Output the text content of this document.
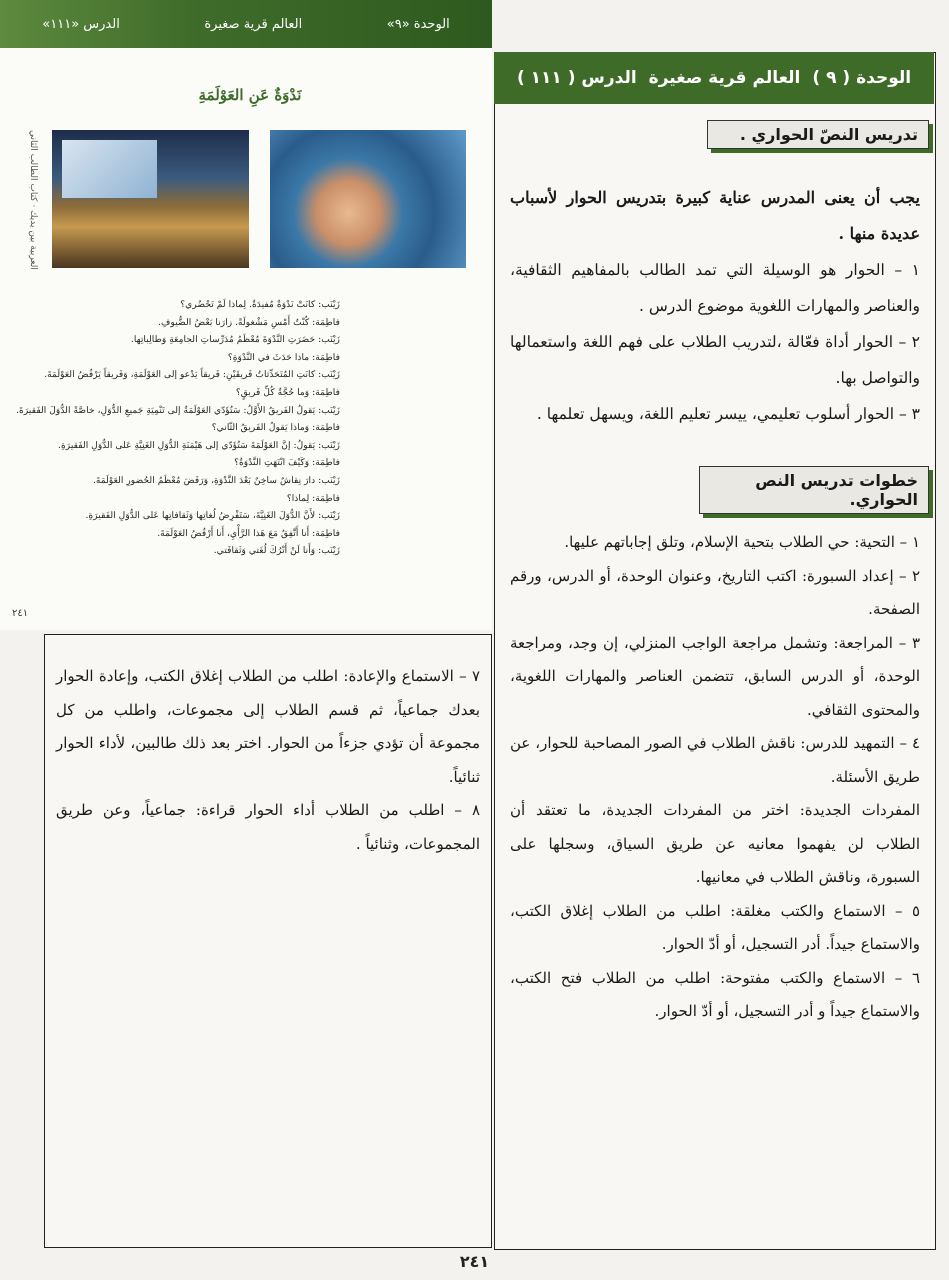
الوحدة «٩»
العالم قرية صغيرة
الدرس «١١١»
العربية بين يديك · كتاب الطالب الثاني
٢٤١
نَدْوَةٌ عَنِ العَوْلَمَةِ
زَيْنَب: كانَتْ نَدْوَةٌ مُفيدَةٌ. لِماذا لَمْ تَحْضُري؟
فاطِمَة: كُنْتُ أَمْسِ مَشْغولَةً. زارَنا بَعْضُ الضُّيوفِ.
زَيْنَب: حَضَرَتِ النَّدْوَةَ مُعْظَمُ مُدَرِّساتِ الجامِعَةِ وَطالِباتِها.
فاطِمَة: ماذا حَدَثَ في النَّدْوَةِ؟
زَيْنَب: كانَتِ المُتَحَدِّثاتُ فَريقَيْنِ: فَريقاً يَدْعو إلى العَوْلَمَةِ، وَفَريقاً يَرْفُضُ العَوْلَمَةَ.
فاطِمَة: وَما حُجَّةُ كُلِّ فَريقٍ؟
زَيْنَب: يَقولُ الفَريقُ الأَوَّلُ: سَتُؤَدّي العَوْلَمَةُ إلى تَنْمِيَةِ جَميعِ الدُّوَلِ، خاصَّةً الدُّوَلَ الفَقيرَةَ.
فاطِمَة: وَماذا يَقولُ الفَريقُ الثّاني؟
زَيْنَب: يَقولُ: إنَّ العَوْلَمَةَ سَتُؤَدّي إلى هَيْمَنَةِ الدُّوَلِ الغَنِيَّةِ عَلى الدُّوَلِ الفَقيرَةِ.
فاطِمَة: وَكَيْفَ انْتَهَتِ النَّدْوَةُ؟
زَيْنَب: دارَ نِقاشٌ ساخِنٌ بَعْدَ النَّدْوَةِ، وَرَفَضَ مُعْظَمُ الحُضورِ العَوْلَمَةَ.
فاطِمَة: لِماذا؟
زَيْنَب: لأَنَّ الدُّوَلَ الغَنِيَّةَ، سَتَفْرِضُ لُغاتِها وَثَقافاتِها عَلى الدُّوَلِ الفَقيرَةِ.
فاطِمَة: أَنا أَتَّفِقُ مَعَ هَذا الرَّأْيِ، أَنا أَرْفُضُ العَوْلَمَةَ.
زَيْنَب: وَأَنا لَنْ أَتْرُكَ لُغَتي وَثَقافَتي.

٧ – الاستماع والإعادة: اطلب من الطلاب إغلاق الكتب، وإعادة الحوار بعدك جماعياً، ثم قسم الطلاب إلى مجموعات، واطلب من كل مجموعة أن تؤدي جزءاً من الحوار. اختر بعد ذلك طالبين، لأداء الحوار ثنائياً.

٨ – اطلب من الطلاب أداء الحوار قراءة: جماعياً، وعن طريق المجموعات، وثنائياً .

الوحدة ( ٩ )
العالم قرية صغيرة
الدرس ( ١١١ )
تدريس النصّ الحواري .
يجب أن يعنى المدرس عناية كبيرة بتدريس الحوار لأسباب عديدة منها .

١ – الحوار هو الوسيلة التي تمد الطالب بالمفاهيم الثقافية، والعناصر والمهارات اللغوية موضوع الدرس .

٢ – الحوار أداة فعّالة ،لتدريب الطلاب على فهم اللغة واستعمالها والتواصل بها.

٣ – الحوار أسلوب تعليمي، ييسر تعليم اللغة، ويسهل تعلمها .

خطوات تدريس النص الحواري.

١ – التحية: حي الطلاب بتحية الإسلام، وتلق إجاباتهم عليها.

٢ – إعداد السبورة: اكتب التاريخ، وعنوان الوحدة، أو الدرس، ورقم الصفحة.

٣ – المراجعة: وتشمل مراجعة الواجب المنزلي، إن وجد، ومراجعة الوحدة، أو الدرس السابق، تتضمن العناصر والمهارات اللغوية، والمحتوى الثقافي.

٤ – التمهيد للدرس: ناقش الطلاب في الصور المصاحبة للحوار، عن طريق الأسئلة.

المفردات الجديدة: اختر من المفردات الجديدة، ما تعتقد أن الطلاب لن يفهموا معانيه عن طريق السياق، وسجلها على السبورة، وناقش الطلاب في معانيها.

٥ – الاستماع والكتب مغلقة: اطلب من الطلاب إغلاق الكتب، والاستماع جيداً. أدر التسجيل، أو أدّ الحوار.

٦ – الاستماع والكتب مفتوحة: اطلب من الطلاب فتح الكتب، والاستماع جيداً و أدر التسجيل، أو أدّ الحوار.

٢٤١
